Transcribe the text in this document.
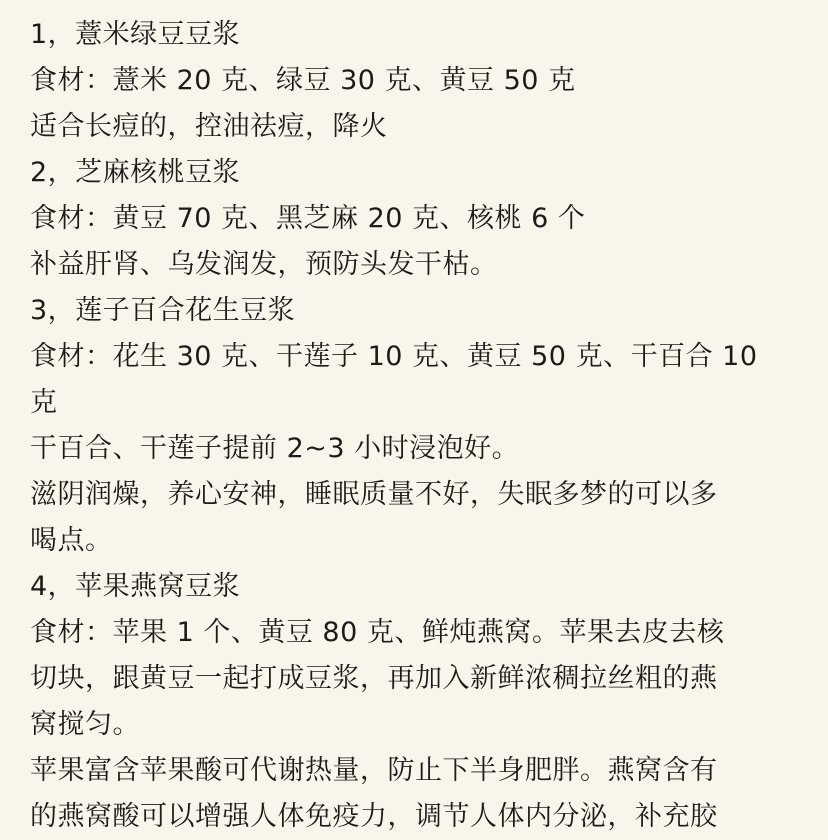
1，薏米绿豆豆浆
食材：薏米 20 克、绿豆 30 克、黄豆 50 克
适合长痘的，控油祛痘，降火
2，芝麻核桃豆浆
食材：黄豆 70 克、黑芝麻 20 克、核桃 6 个
补益肝肾、乌发润发，预防头发干枯。
3，莲子百合花生豆浆
食材：花生 30 克、干莲子 10 克、黄豆 50 克、干百合 10
克
干百合、干莲子提前 2~3 小时浸泡好。
滋阴润燥，养心安神，睡眠质量不好，失眠多梦的可以多
喝点。
4，苹果燕窝豆浆
食材：苹果 1 个、黄豆 80 克、鲜炖燕窝。苹果去皮去核
切块，跟黄豆一起打成豆浆，再加入新鲜浓稠拉丝粗的燕
窝搅匀。
苹果富含苹果酸可代谢热量，防止下半身肥胖。燕窝含有
的燕窝酸可以增强人体免疫力，调节人体内分泌，补充胶
